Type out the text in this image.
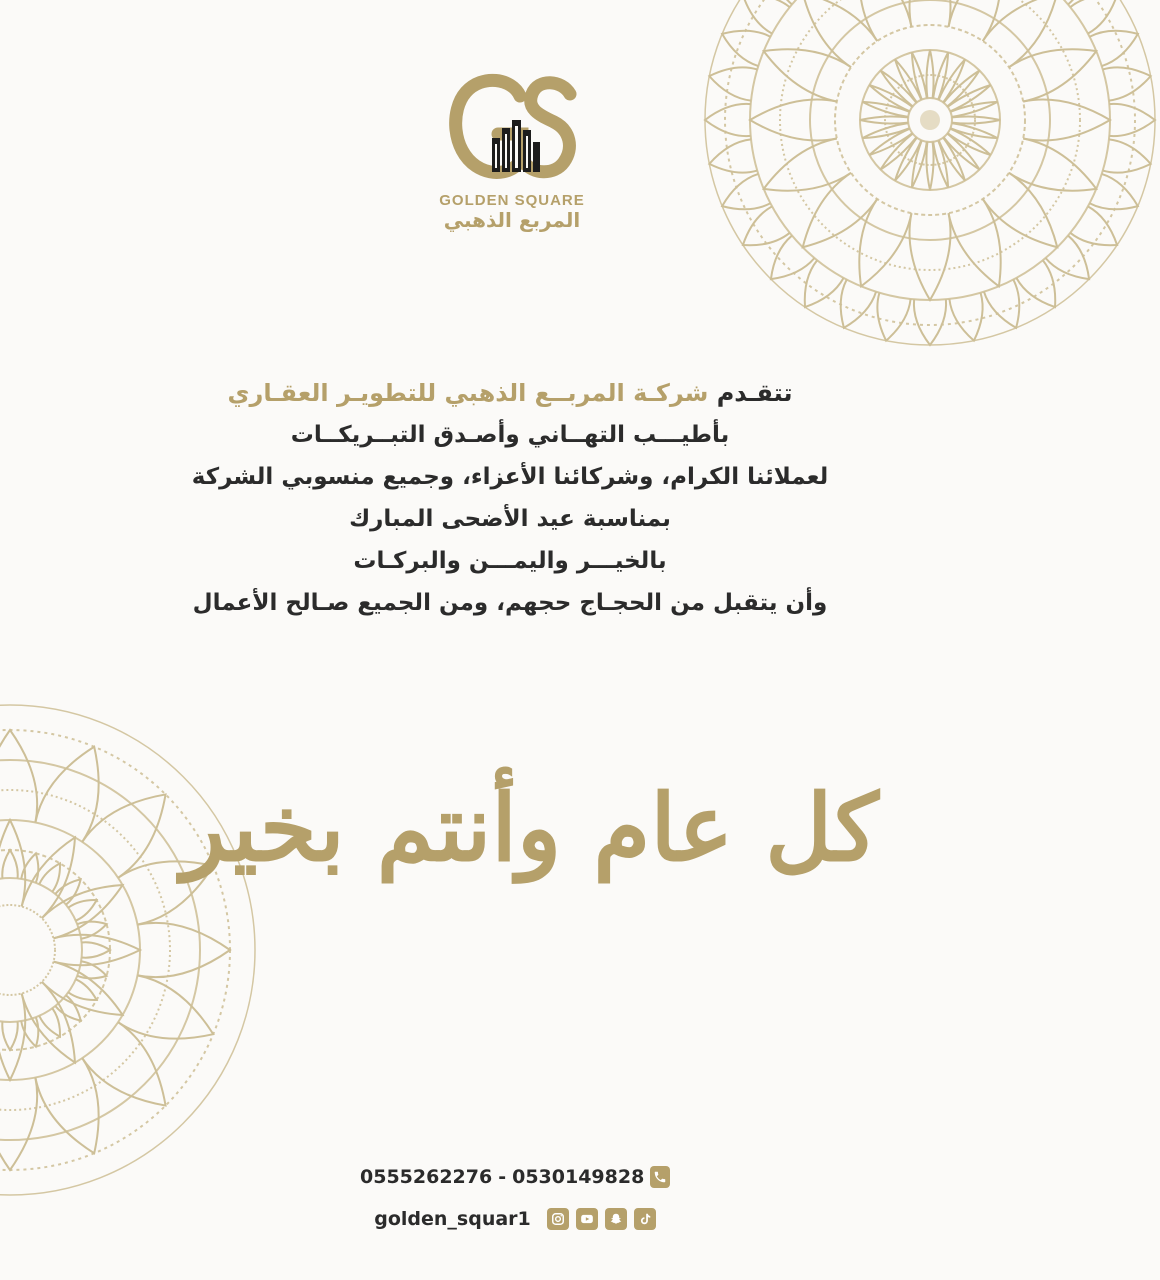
GOLDEN SQUARE
المربع الذهبي

تتقـدم شركـة المربــع الذهبي للتطويـر العقـاري

بأطيـــب التهــاني وأصـدق التبــريكــات

لعملائنا الكرام، وشركائنا الأعزاء، وجميع منسوبي الشركة

بمناسبة عيد الأضحى المبارك

بالخيـــر واليمـــن والبركـات

وأن يتقبل من الحجـاج حجهم، ومن الجميع صـالح الأعمال

كل عام وأنتم بخير
0555262276 - 0530149828
golden_squar1
